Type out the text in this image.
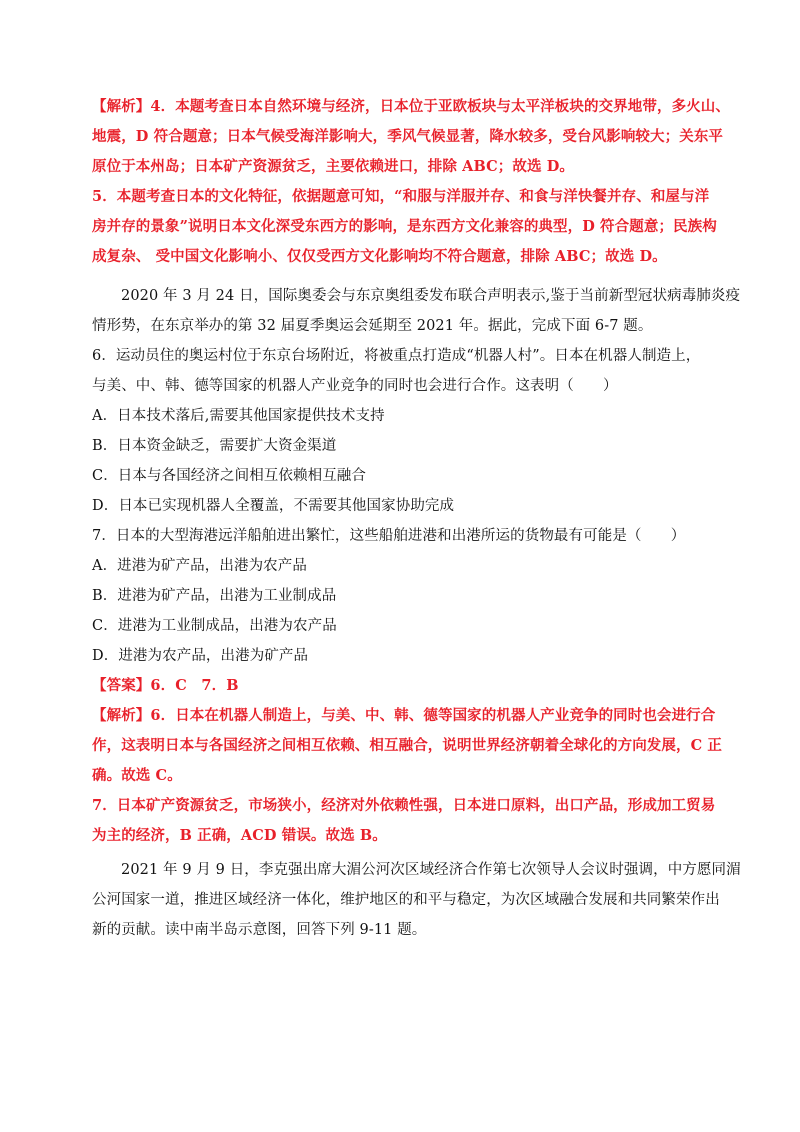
【解析】4．本题考查日本自然环境与经济，日本位于亚欧板块与太平洋板块的交界地带，多火山、
地震，D 符合题意；日本气候受海洋影响大，季风气候显著，降水较多，受台风影响较大；关东平
原位于本州岛；日本矿产资源贫乏，主要依赖进口，排除 ABC；故选 D。
5．本题考查日本的文化特征，依据题意可知，“和服与洋服并存、和食与洋快餐并存、和屋与洋
房并存的景象”说明日本文化深受东西方的影响，是东西方文化兼容的典型，D 符合题意；民族构
成复杂、 受中国文化影响小、仅仅受西方文化影响均不符合题意，排除 ABC；故选 D。
2020 年 3 月 24 日，国际奥委会与东京奥组委发布联合声明表示,鉴于当前新型冠状病毒肺炎疫
情形势，在东京举办的第 32 届夏季奥运会延期至 2021 年。据此，完成下面 6-7 题。
6．运动员住的奥运村位于东京台场附近，将被重点打造成“机器人村”。日本在机器人制造上，
与美、中、韩、德等国家的机器人产业竞争的同时也会进行合作。这表明（　　）
A．日本技术落后,需要其他国家提供技术支持
B．日本资金缺乏，需要扩大资金渠道
C．日本与各国经济之间相互依赖相互融合
D．日本已实现机器人全覆盖，不需要其他国家协助完成
7．日本的大型海港远洋船舶进出繁忙，这些船舶进港和出港所运的货物最有可能是（　　）
A．进港为矿产品，出港为农产品
B．进港为矿产品，出港为工业制成品
C．进港为工业制成品，出港为农产品
D．进港为农产品，出港为矿产品
【答案】6．C　7．B
【解析】6．日本在机器人制造上，与美、中、韩、德等国家的机器人产业竞争的同时也会进行合
作，这表明日本与各国经济之间相互依赖、相互融合，说明世界经济朝着全球化的方向发展，C 正
确。故选 C。
7．日本矿产资源贫乏，市场狭小，经济对外依赖性强，日本进口原料，出口产品，形成加工贸易
为主的经济，B 正确，ACD 错误。故选 B。
2021 年 9 月 9 日，李克强出席大湄公河次区域经济合作第七次领导人会议时强调，中方愿同湄
公河国家一道，推进区域经济一体化，维护地区的和平与稳定，为次区域融合发展和共同繁荣作出
新的贡献。读中南半岛示意图，回答下列 9-11 题。
